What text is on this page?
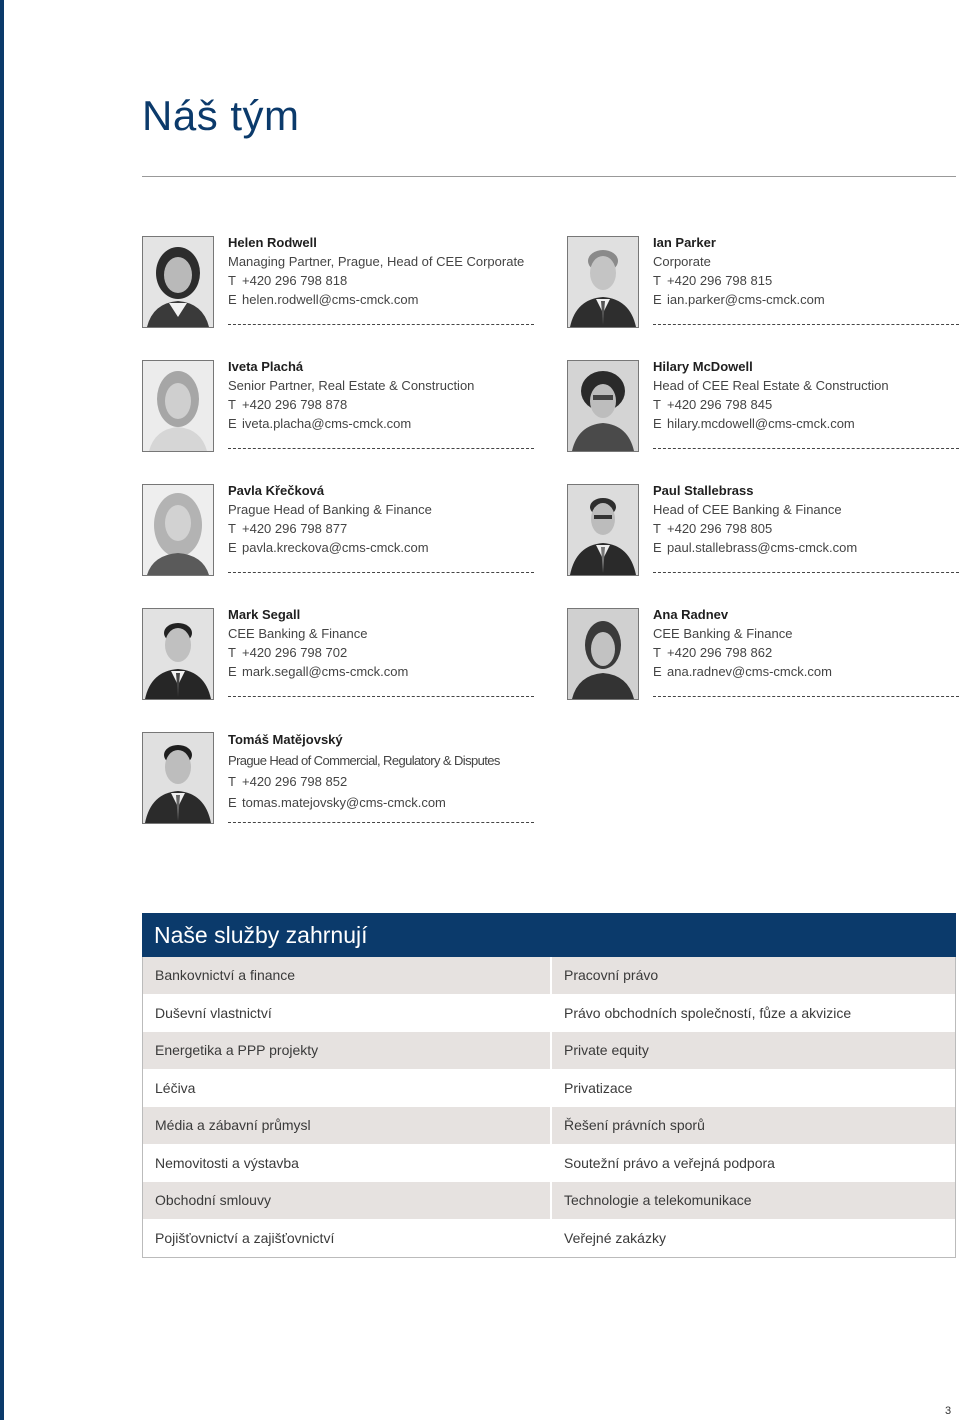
Náš tým
Helen Rodwell
Managing Partner, Prague, Head of CEE Corporate
T +420 296 798 818
E helen.rodwell@cms-cmck.com
Ian Parker
Corporate
T +420 296 798 815
E ian.parker@cms-cmck.com
Iveta Plachá
Senior Partner, Real Estate & Construction
T +420 296 798 878
E iveta.placha@cms-cmck.com
Hilary McDowell
Head of CEE Real Estate & Construction
T +420 296 798 845
E hilary.mcdowell@cms-cmck.com
Pavla Křečková
Prague Head of Banking & Finance
T +420 296 798 877
E pavla.kreckova@cms-cmck.com
Paul Stallebrass
Head of CEE Banking & Finance
T +420 296 798 805
E paul.stallebrass@cms-cmck.com
Mark Segall
CEE Banking & Finance
T +420 296 798 702
E mark.segall@cms-cmck.com
Ana Radnev
CEE Banking & Finance
T +420 296 798 862
E ana.radnev@cms-cmck.com
Tomáš Matějovský
Prague Head of Commercial, Regulatory & Disputes
T +420 296 798 852
E tomas.matejovsky@cms-cmck.com
Naše služby zahrnují
Bankovnictví a finance
Duševní vlastnictví
Energetika a PPP projekty
Léčiva
Média a zábavní průmysl
Nemovitosti a výstavba
Obchodní smlouvy
Pojišťovnictví a zajišťovnictví
Pracovní právo
Právo obchodních společností, fůze a akvizice
Private equity
Privatizace
Řešení právních sporů
Soutežní právo a veřejná podpora
Technologie a telekomunikace
Veřejné zakázky
3
